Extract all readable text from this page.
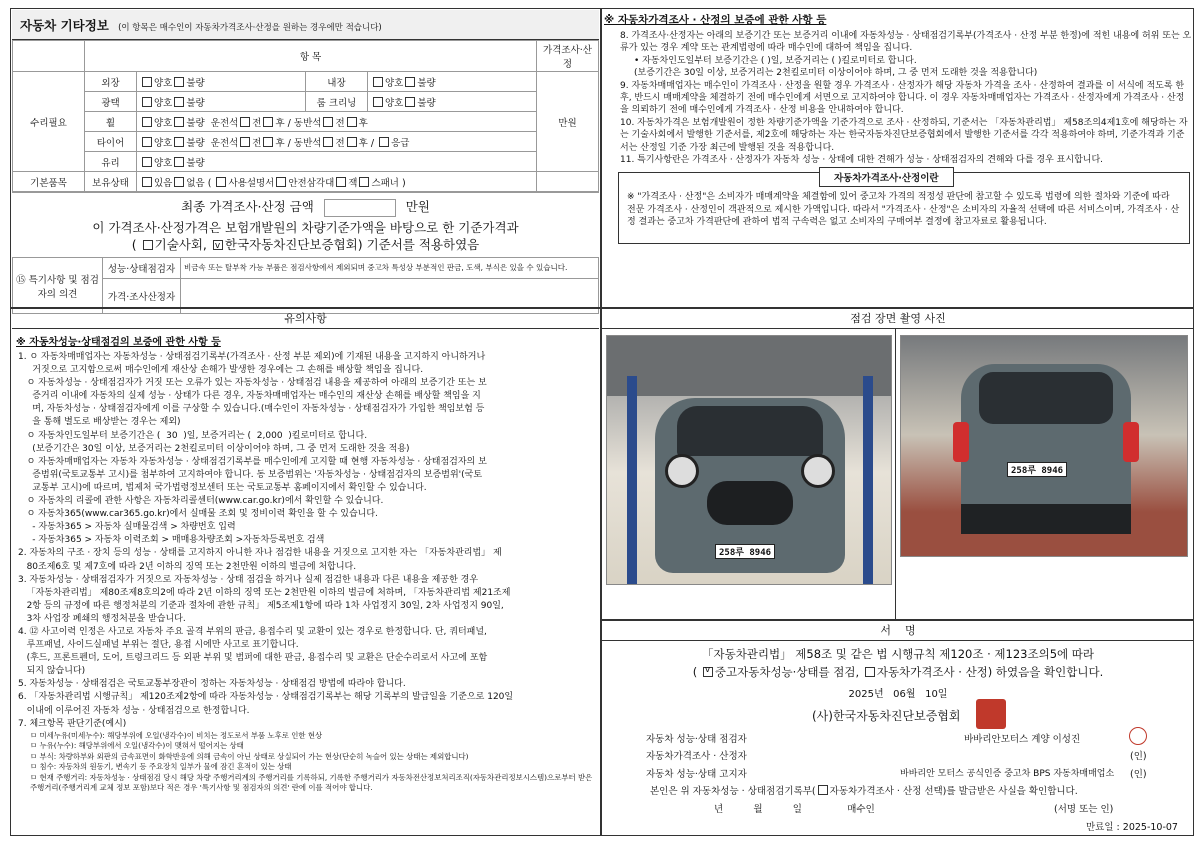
자동차 기타정보 (이 항목은 매수인이 자동차가격조사·산정을 원하는 경우에만 적습니다)
	항 목				가격조사·산정
수리필요	외장	양호 불량	내장	양호 불량	만원
	광택	양호 불량	룸 크리닝	양호 불량	
	휠	양호 불량 운전석 전 후 / 동반석 전 후			
	타이어	양호 불량 운전석 전 후 / 동반석 전 후 / 응급			
	유리	양호 불량			
기본품목	보유상태	있음 없음 ( 사용설명서 안전삼각대 잭 스패너 )			
최종 가격조사·산정 금액	만원
이 가격조사·산정가격은 보험개발원의 차량기준가액을 바탕으로 한 기준가격과
( 기술사회, v 한국자동차진단보증협회) 기준서를 적용하였음
⑮ 특기사항 및 점검자의 의견	성능·상태점검자	비금속 또는 탈부착 가능 부품은 점검사항에서 제외되며 중고차 특성상 부분적인 판금, 도색, 부식은 있을 수 있습니다.
	가격·조사산정자	
※ 자동차가격조사 · 산정의 보증에 관한 사항 등

8. 가격조사·산정자는 아래의 보증기간 또는 보증거리 이내에 자동차성능 · 상태점검기록부(가격조사 · 산정 부분 한정)에 적힌 내용에 허위 또는 오류가 있는 경우 계약 또는 관계법령에 따라 매수인에 대하여 책임을 집니다.

• 자동차인도일부터 보증기간은 ( )일, 보증거리는 ( )킬로미터로 합니다.

(보증기간은 30일 이상, 보증거리는 2천킬로미터 이상이어야 하며, 그 중 먼저 도래한 것을 적용합니다)

9. 자동차매매업자는 매수인이 가격조사 · 산정을 원할 경우 가격조사 · 산정자가 해당 자동차 가격을 조사 · 산정하여 결과를 이 서식에 적도록 한 후, 반드시 매매계약을 체결하기 전에 매수인에게 서면으로 고지하여야 합니다. 이 경우 자동차매매업자는 가격조사 · 산정자에게 가격조사 · 산정을 의뢰하기 전에 매수인에게 가격조사 · 산정 비용을 안내하여야 합니다.

10. 자동차가격은 보험개발원이 정한 차량기준가액을 기준가격으로 조사 · 산정하되, 기준서는 「자동차관리법」 제58조의4제1호에 해당하는 자는 기술사회에서 발행한 기준서를, 제2호에 해당하는 자는 한국자동차진단보증협회에서 발행한 기준서를 각각 적용하여야 하며, 기준가격과 기준서는 산정일 기준 가장 최근에 발행된 것을 적용합니다.

11. 특기사항란은 가격조사 · 산정자가 자동차 성능 · 상태에 대한 견해가 성능 · 상태점검자의 견해와 다를 경우 표시합니다.

자동차가격조사·산정이란

※ "가격조사 · 산정"은 소비자가 매매계약을 체결함에 있어 중고차 가격의 적정성 판단에 참고할 수 있도록 법령에 의한 절차와 기준에 따라 전문 가격조사 · 산정인이 객관적으로 제시한 가액입니다. 따라서 "가격조사 · 산정"은 소비자의 자율적 선택에 따른 서비스이며, 가격조사 · 산정 결과는 중고차 가격판단에 관하여 법적 구속력은 없고 소비자의 구매여부 결정에 참고자료로 활용됩니다.

유의사항
※ 자동차성능·상태점검의 보증에 관한 사항 등
1. ㅇ 자동차매매업자는 자동차성능 · 상태점검기록부(가격조사 · 산정 부분 제외)에 기재된 내용을 고지하지 아니하거나
거짓으로 고지함으로써 매수인에게 재산상 손해가 발생한 경우에는 그 손해를 배상할 책임을 집니다.
ㅇ 자동차성능 · 상태점검자가 거짓 또는 오류가 있는 자동차성능 · 상태점검 내용을 제공하여 아래의 보증기간 또는 보
증거리 이내에 자동차의 실제 성능 · 상태가 다른 경우, 자동차매매업자는 매수인의 재산상 손해를 배상할 책임을 지
며, 자동차성능 · 상태점검자에게 이를 구상할 수 있습니다.(매수인이 자동차성능 · 상태점검자가 가입한 책임보험 등
을 통해 별도로 배상받는 경우는 제외)
ㅇ 자동차인도일부터 보증기간은 (  30  )일, 보증거리는 (  2,000  )킬로미터로 합니다.
(보증기간은 30일 이상, 보증거리는 2천킬로미터 이상이어야 하며, 그 중 먼저 도래한 것을 적용)
ㅇ 자동차매매업자는 자동차 자동차성능 · 상태점검기록부를 매수인에게 고지할 때 현행 자동차성능 · 상태점검자의 보
증범위(국토교통부 고시)를 첨부하여 고지하여야 합니다. 동 보증범위는 '자동차성능 · 상태점검자의 보증범위'(국토
교통부 고시)에 따르며, 법제처 국가법령정보센터 또는 국토교통부 홈페이지에서 확인할 수 있습니다.
ㅇ 자동차의 리콜에 관한 사항은 자동차리콜센터(www.car.go.kr)에서 확인할 수 있습니다.
ㅇ 자동차365(www.car365.go.kr)에서 실매물 조회 및 정비이력 확인을 할 수 있습니다.
- 자동차365 > 자동차 실매물검색 > 차량번호 입력
- 자동차365 > 자동차 이력조회 > 매매용차량조회 >자동차등록번호 검색
2. 자동차의 구조 · 장치 등의 성능 · 상태를 고지하지 아니한 자나 점검한 내용을 거짓으로 고지한 자는 「자동차관리법」 제
80조제6호 및 제7호에 따라 2년 이하의 징역 또는 2천만원 이하의 벌금에 처합니다.
3. 자동차성능 · 상태점검자가 거짓으로 자동차성능 · 상태 점검을 하거나 실제 점검한 내용과 다른 내용을 제공한 경우
「자동차관리법」 제80조제8호의2에 따라 2년 이하의 징역 또는 2천만원 이하의 벌금에 처하며, 「자동차관리법 제21조제
2항 등의 규정에 따른 행정처분의 기준과 절차에 관한 규칙」 제5조제1항에 따라 1차 사업정지 30일, 2차 사업정지 90일,
3차 사업장 폐쇄의 행정처분을 받습니다.
4. ⑫ 사고이력 인정은 사고로 자동차 주요 골격 부위의 판금, 용접수리 및 교환이 있는 경우로 한정합니다. 단, 쿼터패널,
루프패널, 사이드실패널 부위는 절단, 용접 시에만 사고로 표기합니다.
(후드, 프론트펜더, 도어, 트렁크리드 등 외판 부위 및 범퍼에 대한 판금, 용접수리 및 교환은 단순수리로서 사고에 포함
되지 않습니다)
5. 자동차성능 · 상태점검은 국토교통부장관이 정하는 자동차성능 · 상태점검 방법에 따라야 합니다.
6. 「자동차관리법 시행규칙」 제120조제2항에 따라 자동차성능 · 상태점검기록부는 해당 기록부의 발급일을 기준으로 120일
이내에 이루어진 자동차 성능 · 상태점검으로 한정합니다.
7. 체크항목 판단기준(예시)
ㅁ 미세누유(미세누수): 해당부위에 오일(냉각수)이 비치는 정도로서 부품 노후로 인한 현상
ㅁ 누유(누수): 해당부위에서 오일(냉각수)이 맺혀서 떨어지는 상태
ㅁ 부식: 차량하부와 외판의 금속표면이 화학반응에 의해 금속이 아닌 상태로 상실되어 가는 현상(단순히 녹슬어 있는 상태는 제외합니다)
ㅁ 침수: 자동차의 원동기, 변속기 등 주요장치 일부가 물에 잠긴 흔적이 있는 상태
ㅁ 현재 주행거리: 자동차성능 · 상태점검 당시 해당 차량 주행거리계의 주행거리를 기록하되, 기록한 주행거리가 자동차전산정보처리조직(자동차관리정보시스템)으로부터 받은 주행거리(주행거리계 교체 정보 포함)보다 적은 경우 '특기사항 및 점검자의 의견' 란에 이를 적어야 합니다.
점검 장면 촬영 사진
258루 8946
258루 8946
서    명
「자동차관리법」 제58조 및 같은 법 시행규칙 제120조 · 제123조의5에 따라
( v중고자동차성능·상태를 점검, 자동차가격조사 · 산정) 하였음을 확인합니다.
2025년   06월   10일
(사)한국자동차진단보증협회
자동차 성능·상태 점검자	바바리안모터스 계양 이성진
자동차가격조사 · 산정자	(인)
자동차 성능·상태 고지자	바바리안 모터스 공식인증 중고차 BPS 자동차매매업소 (인)
본인은 위 자동차성능 · 상태점검기록부( 자동차가격조사 · 산정 선택)를 발급받은 사실을 확인합니다.
년          월          일               매수인	(서명 또는 인)
만료일 : 2025-10-07
